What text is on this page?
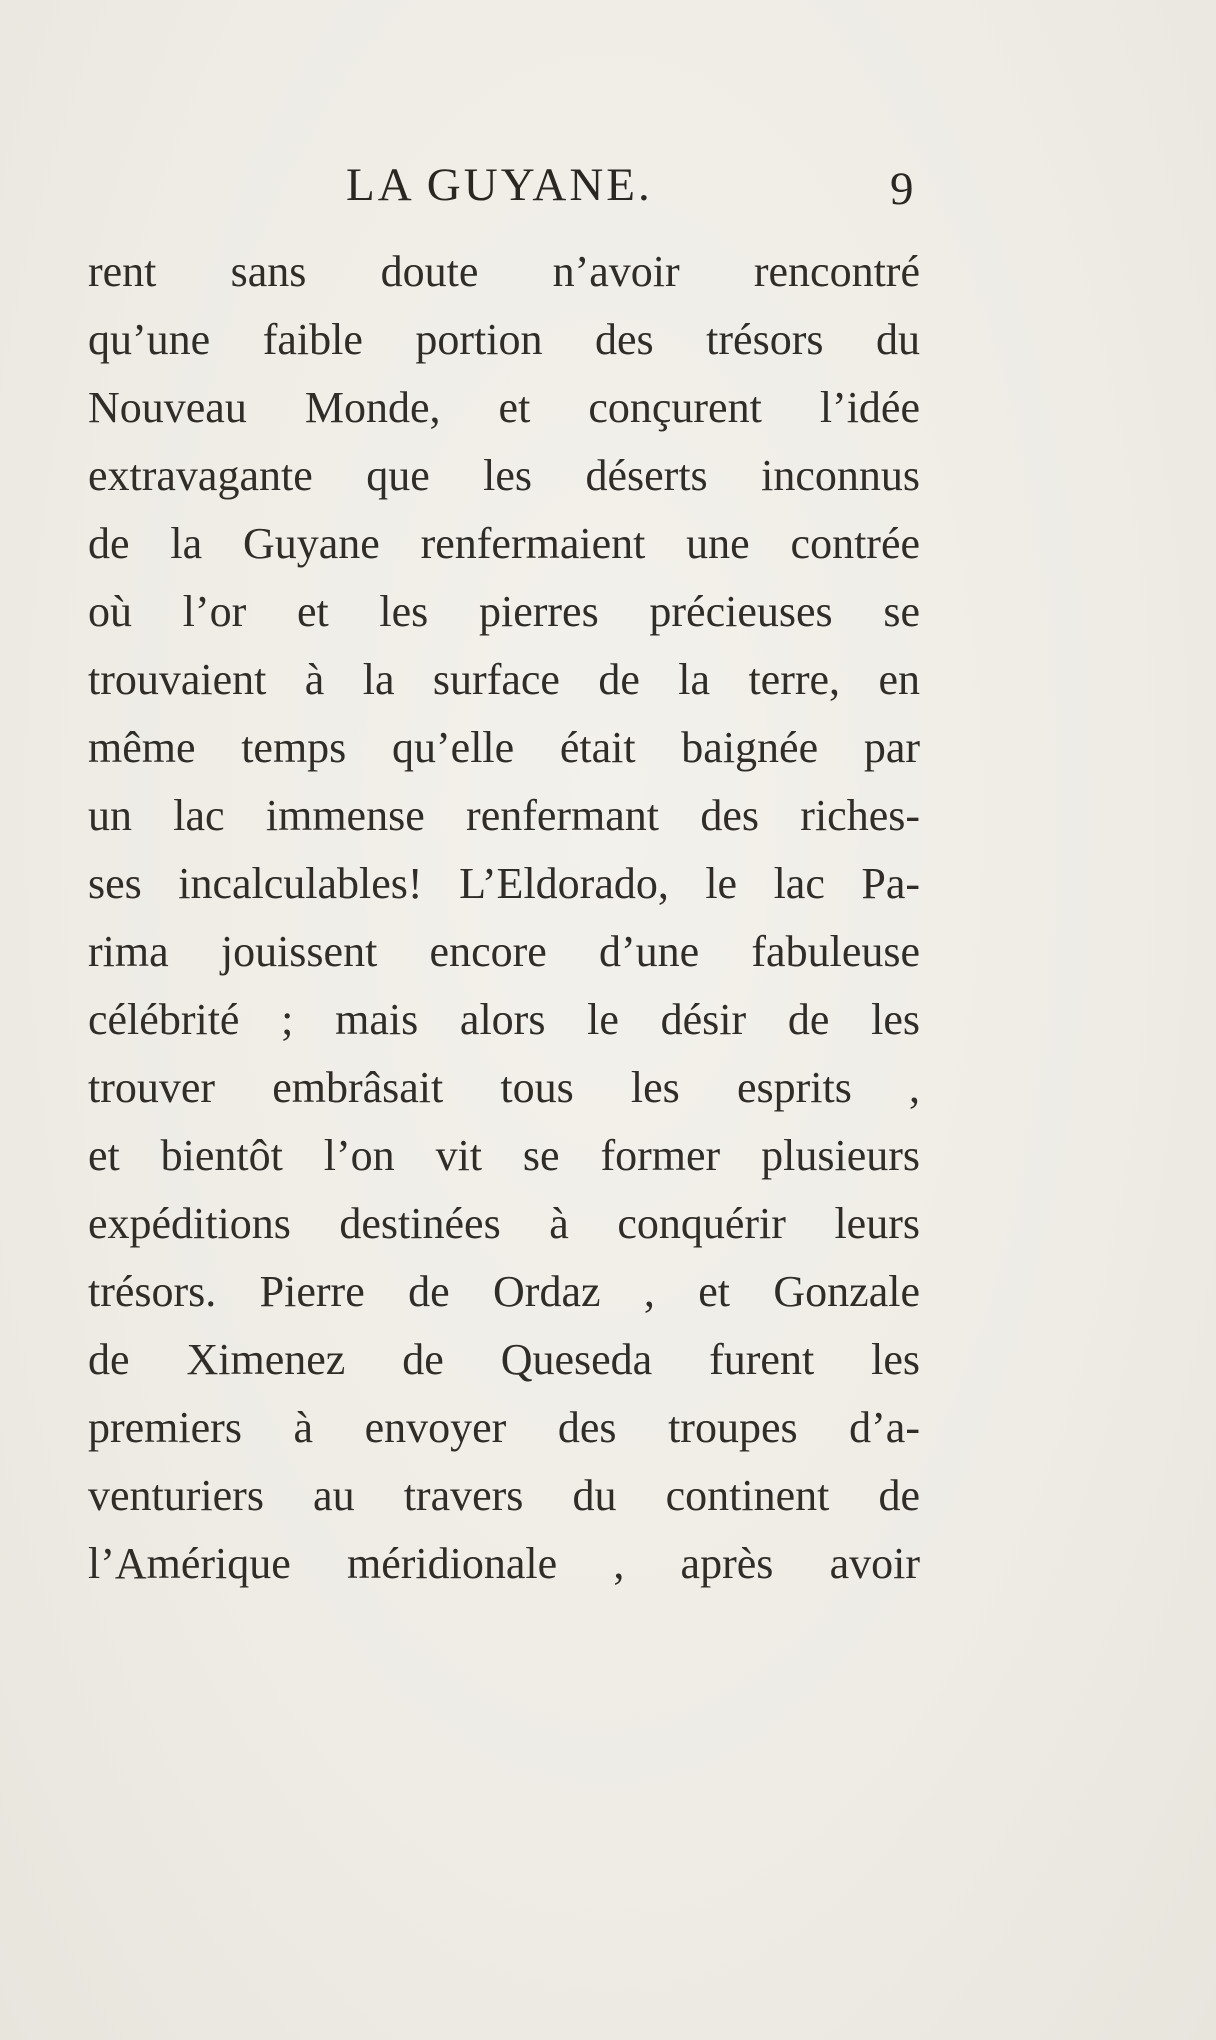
LA GUYANE.	9
rent sans doute n’avoir rencontré
qu’une faible portion des trésors du
Nouveau Monde, et conçurent l’idée
extravagante que les déserts inconnus
de la Guyane renfermaient une contrée
où l’or et les pierres précieuses se
trouvaient à la surface de la terre, en
même temps qu’elle était baignée par
un lac immense renfermant des riches-
ses incalculables! L’Eldorado, le lac Pa-
rima jouissent encore d’une fabuleuse
célébrité ; mais alors le désir de les
trouver embrâsait tous les esprits ,
et bientôt l’on vit se former plusieurs
expéditions destinées à conquérir leurs
trésors. Pierre de Ordaz , et Gonzale
de Ximenez de Queseda furent les
premiers à envoyer des troupes d’a-
venturiers au travers du continent de
l’Amérique méridionale , après avoir
